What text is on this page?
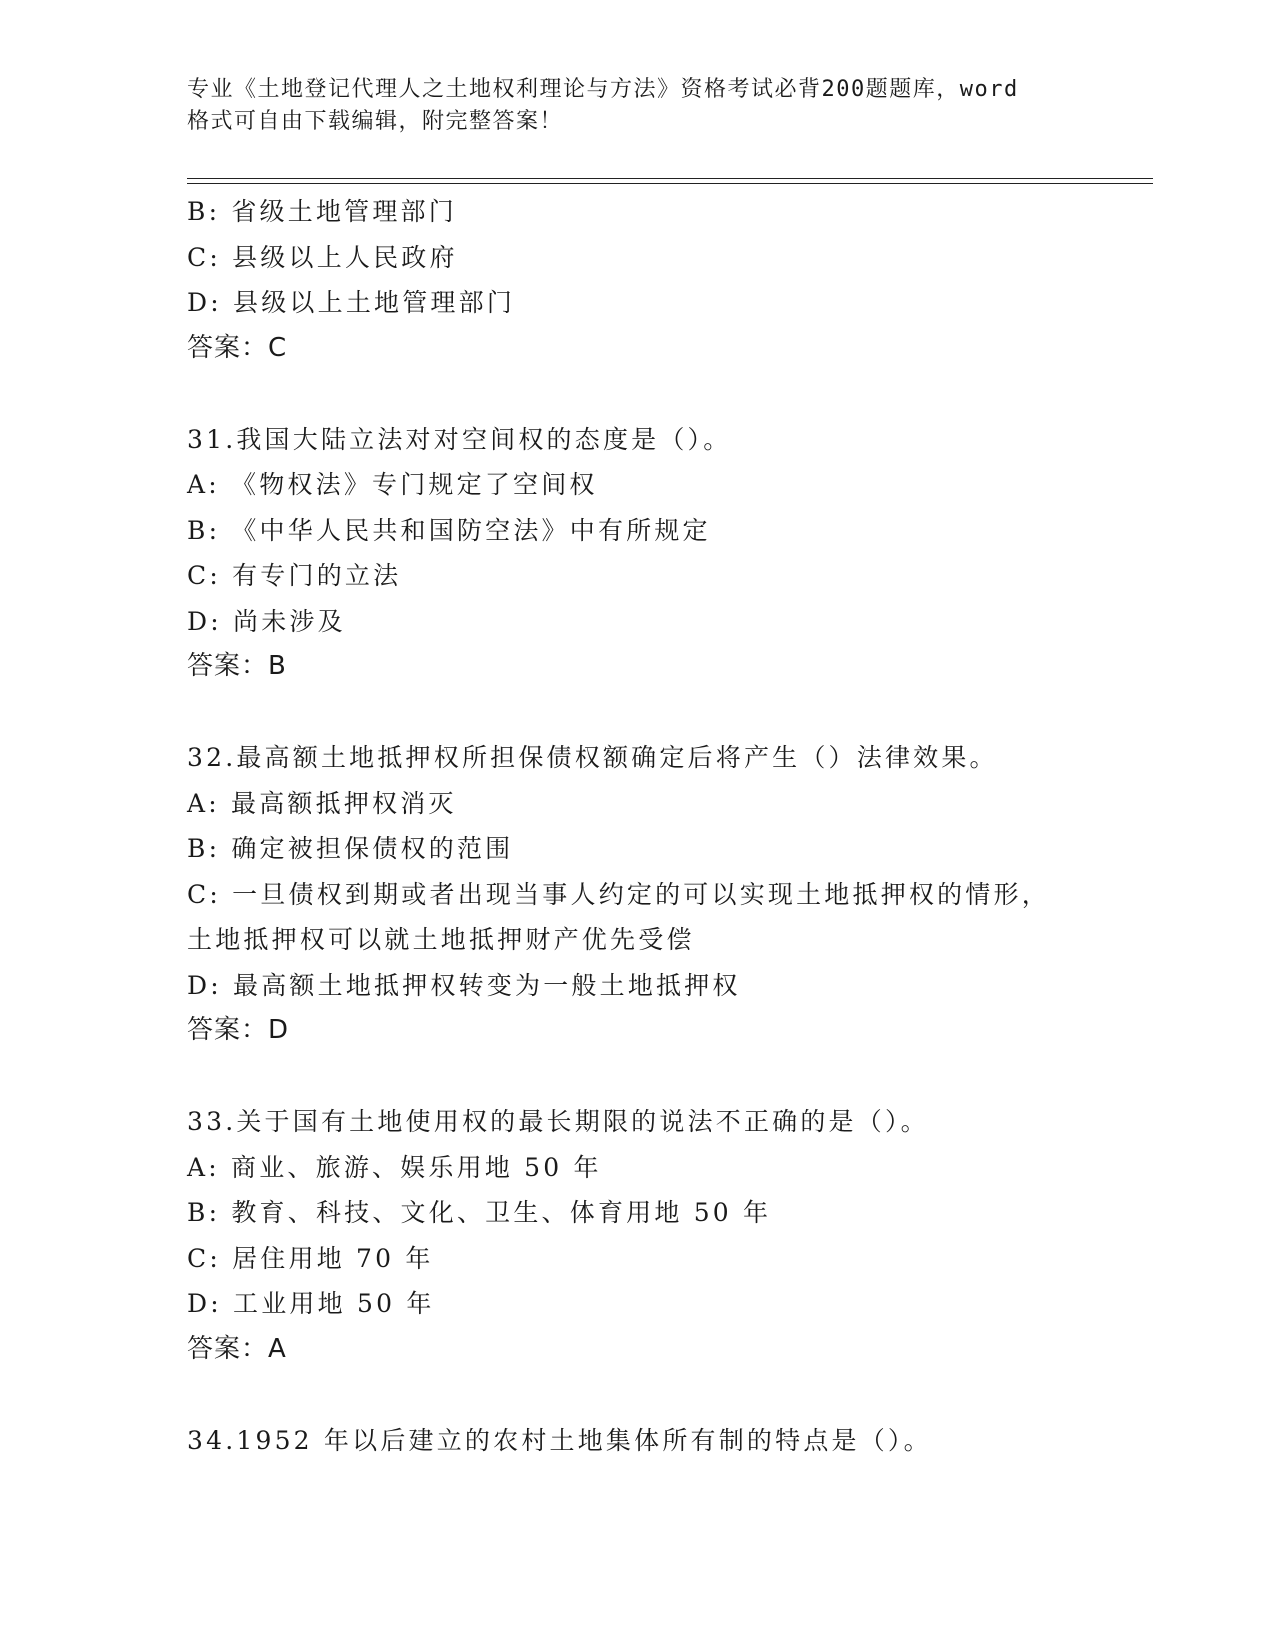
专业《土地登记代理人之土地权利理论与方法》资格考试必背200题题库，word
格式可自由下载编辑，附完整答案！
B: 省级土地管理部门
C: 县级以上人民政府
D: 县级以上土地管理部门
答案：C
31.我国大陆立法对对空间权的态度是（）。
A: 《物权法》专门规定了空间权
B: 《中华人民共和国防空法》中有所规定
C: 有专门的立法
D: 尚未涉及
答案：B
32.最高额土地抵押权所担保债权额确定后将产生（）法律效果。
A: 最高额抵押权消灭
B: 确定被担保债权的范围
C: 一旦债权到期或者出现当事人约定的可以实现土地抵押权的情形，
土地抵押权可以就土地抵押财产优先受偿
D: 最高额土地抵押权转变为一般土地抵押权
答案：D
33.关于国有土地使用权的最长期限的说法不正确的是（）。
A: 商业、旅游、娱乐用地 50 年
B: 教育、科技、文化、卫生、体育用地 50 年
C: 居住用地 70 年
D: 工业用地 50 年
答案：A
34.1952 年以后建立的农村土地集体所有制的特点是（）。
